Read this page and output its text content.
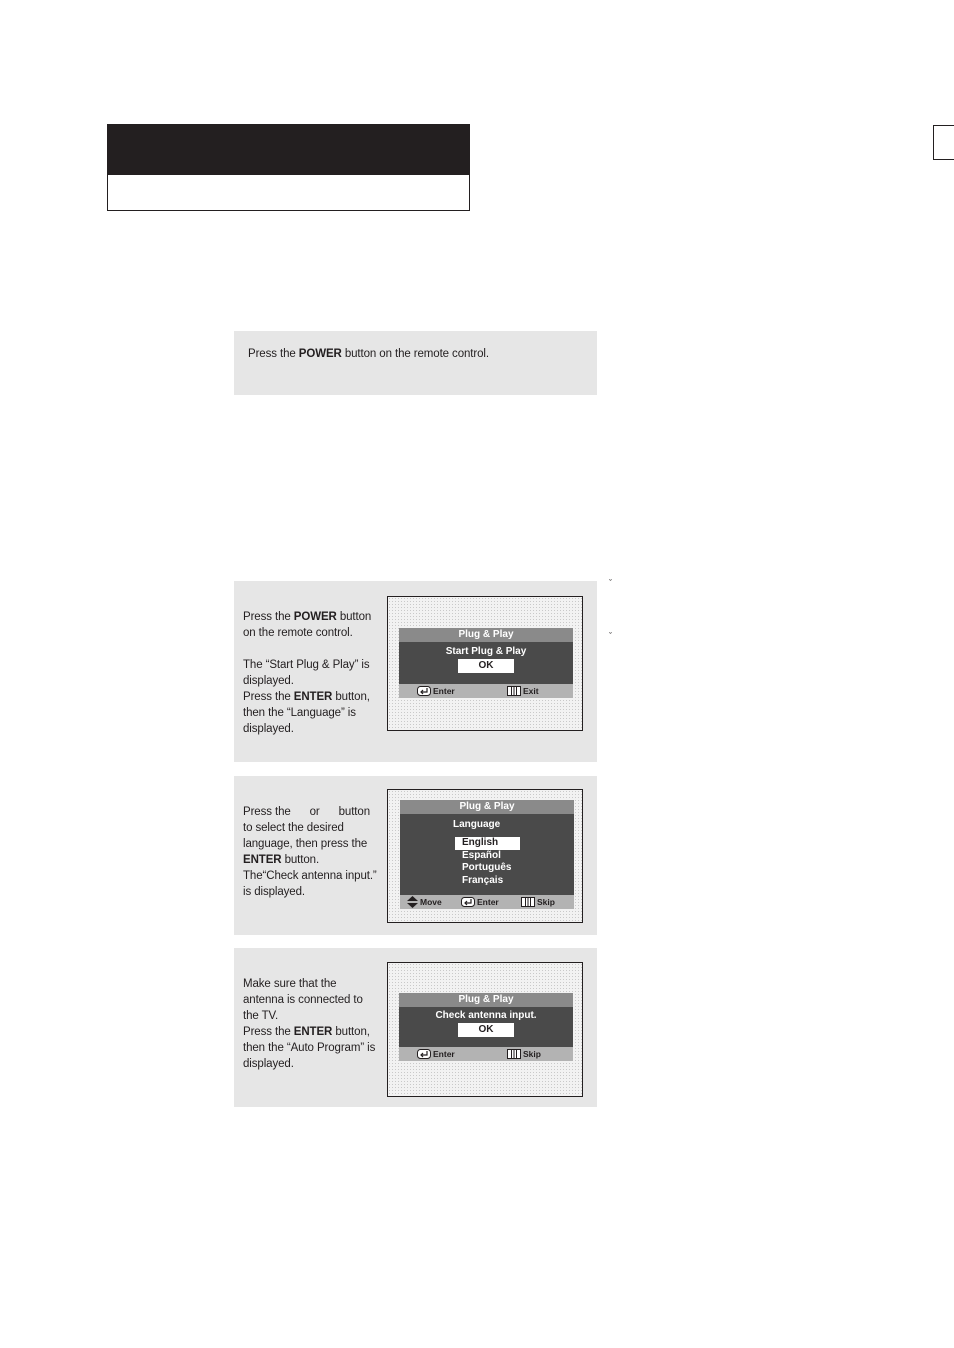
Press the POWER button on the remote control.
ˇ
ˇ
Press the POWER button
on the remote control.
The “Start Plug & Play” is
displayed.
Press the ENTER button,
then the “Language” is
displayed.
Plug & Play
Start Plug & Play
OK
Enter	Exit
Press the or button
to select the desired
language, then press the
ENTER button.
The“Check antenna input.”
is displayed.
Plug & Play
Language
English
Español
Português
Français
Move	Enter	Skip
Make sure that the
antenna is connected to
the TV.
Press the ENTER button,
then the “Auto Program” is
displayed.
Plug & Play
Check antenna input.
OK
Enter	Skip
